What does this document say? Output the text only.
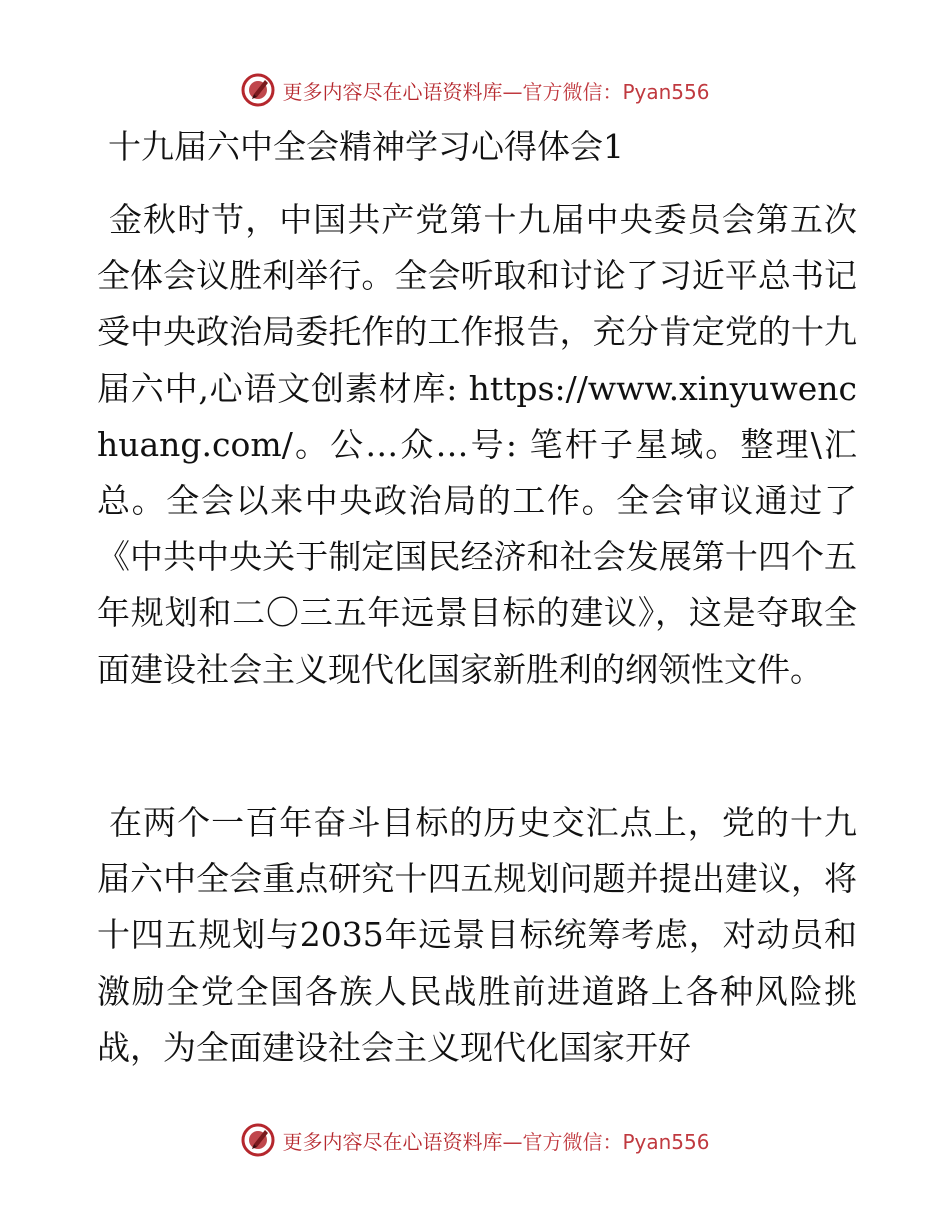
更多内容尽在心语资料库 —官方微信：Pyan556
十九届六中全会精神学习心得体会1

金秋时节，中国共产党第十九届中央委员会第五次全体会议胜利举行。全会听取和讨论了习近平总书记受中央政治局委托作的工作报告，充分肯定党的十九届六中,心语文创素材库: https://www.xinyuwenchuang.com/。公…众…号: 笔杆子星域。整理\汇总。全会以来中央政治局的工作。全会审议通过了《中共中央关于制定国民经济和社会发展第十四个五年规划和二〇三五年远景目标的建议》，这是夺取全面建设社会主义现代化国家新胜利的纲领性文件。

在两个一百年奋斗目标的历史交汇点上，党的十九届六中全会重点研究十四五规划问题并提出建议，将十四五规划与2035年远景目标统筹考虑，对动员和激励全党全国各族人民战胜前进道路上各种风险挑战，为全面建设社会主义现代化国家开好

更多内容尽在心语资料库 —官方微信：Pyan556
